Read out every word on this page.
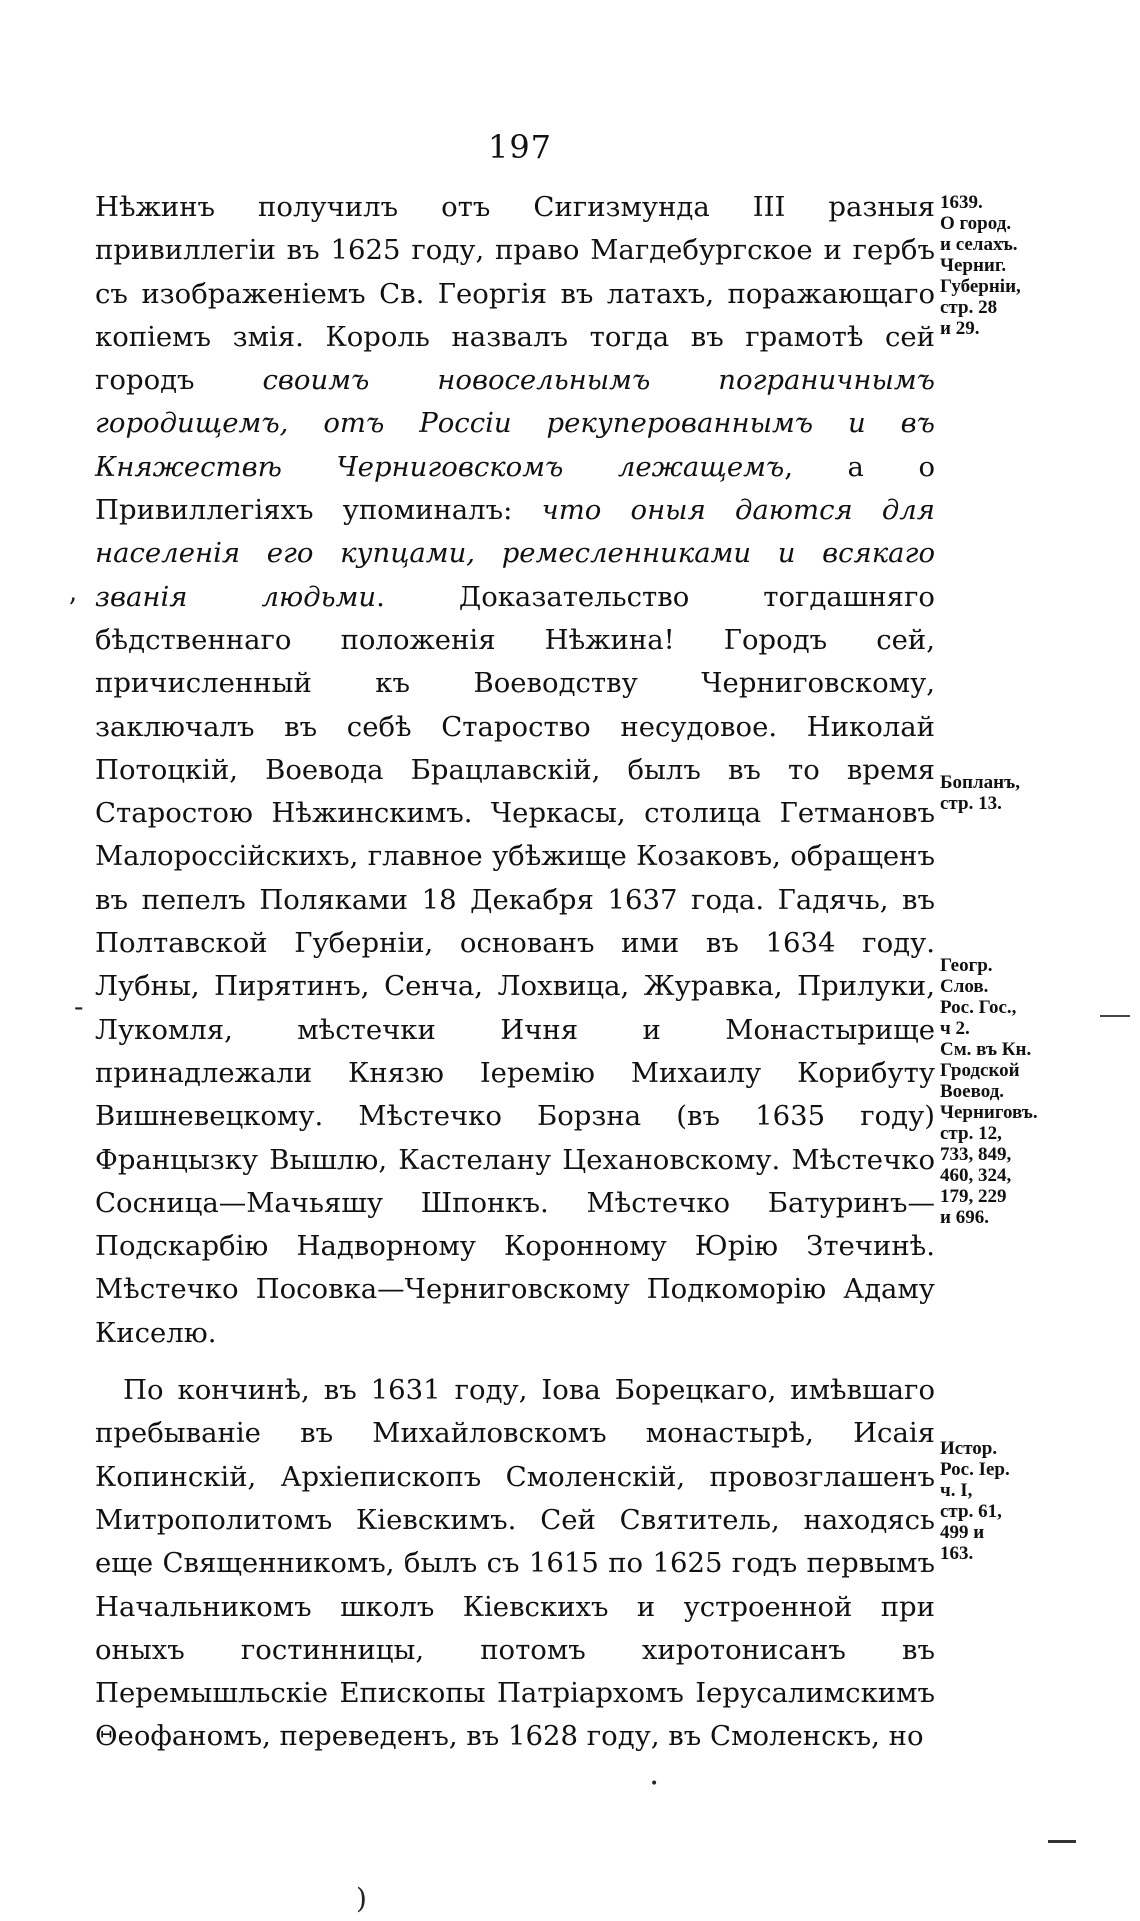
197

Нѣжинъ получилъ отъ Сигизмунда III разныя привиллегіи въ 1625 году, право Магдебургское и гербъ съ изображеніемъ Св. Георгія въ латахъ, поражающаго копіемъ змія. Король назвалъ тогда въ грамотѣ сей городъ своимъ новосельнымъ пограничнымъ городищемъ, отъ Россіи рекуперованнымъ и въ Княжествѣ Черниговскомъ лежащемъ, а о Привиллегіяхъ упоминалъ: что оныя даются для населенія его купцами, ремесленниками и всякаго званія людьми. Доказательство тогдашняго бѣдственнаго положенія Нѣжина! Городъ сей, причисленный къ Воеводству Черниговскому, заключалъ въ себѣ Староство несудовое. Николай Потоцкій, Воевода Брацлавскій, былъ въ то время Старостою Нѣжинскимъ. Черкасы, столица Гетмановъ Малороссійскихъ, главное убѣжище Козаковъ, обращенъ въ пепелъ Поляками 18 Декабря 1637 года. Гадячь, въ Полтавской Губерніи, основанъ ими въ 1634 году. Лубны, Пирятинъ, Сенча, Лохвица, Журавка, Прилуки, Лукомля, мѣстечки Ичня и Монастырище принадлежали Князю Іеремію Михаилу Корибуту Вишневецкому. Мѣстечко Борзна (въ 1635 году) Францызку Вышлю, Кастелану Цехановскому. Мѣстечко Сосница—Мачьяшу Шпонкъ. Мѣстечко Батуринъ—Подскарбію Надворному Коронному Юрію Зтечинѣ. Мѣстечко Посовка—Черниговскому Подкоморію Адаму Киселю.

По кончинѣ, въ 1631 году, Іова Борецкаго, имѣвшаго пребываніе въ Михайловскомъ монастырѣ, Исаія Копинскій, Архіепископъ Смоленскій, провозглашенъ Митрополитомъ Кіевскимъ. Сей Святитель, находясь еще Священникомъ, былъ съ 1615 по 1625 годъ первымъ Начальникомъ школъ Кіевскихъ и устроенной при оныхъ гостинницы, потомъ хиротонисанъ въ Перемышльскіе Епископы Патріархомъ Іерусалимскимъ Θеофаномъ, переведенъ, въ 1628 году, въ Смоленскъ, но

1639.
О город.
и селахъ.
Черниг.
Губерніи,
стр. 28
и 29.
Бопланъ,
стр. 13.
Геогр.
Слов.
Рос. Гос.,
ч 2.
См. въ Кн.
Гродской
Воевод.
Черниговъ.
стр. 12,
733, 849,
460, 324,
179, 229
и 696.
Истор.
Рос. Іер.
ч. I,
стр. 61,
499 и
163.
’
-
•
)
